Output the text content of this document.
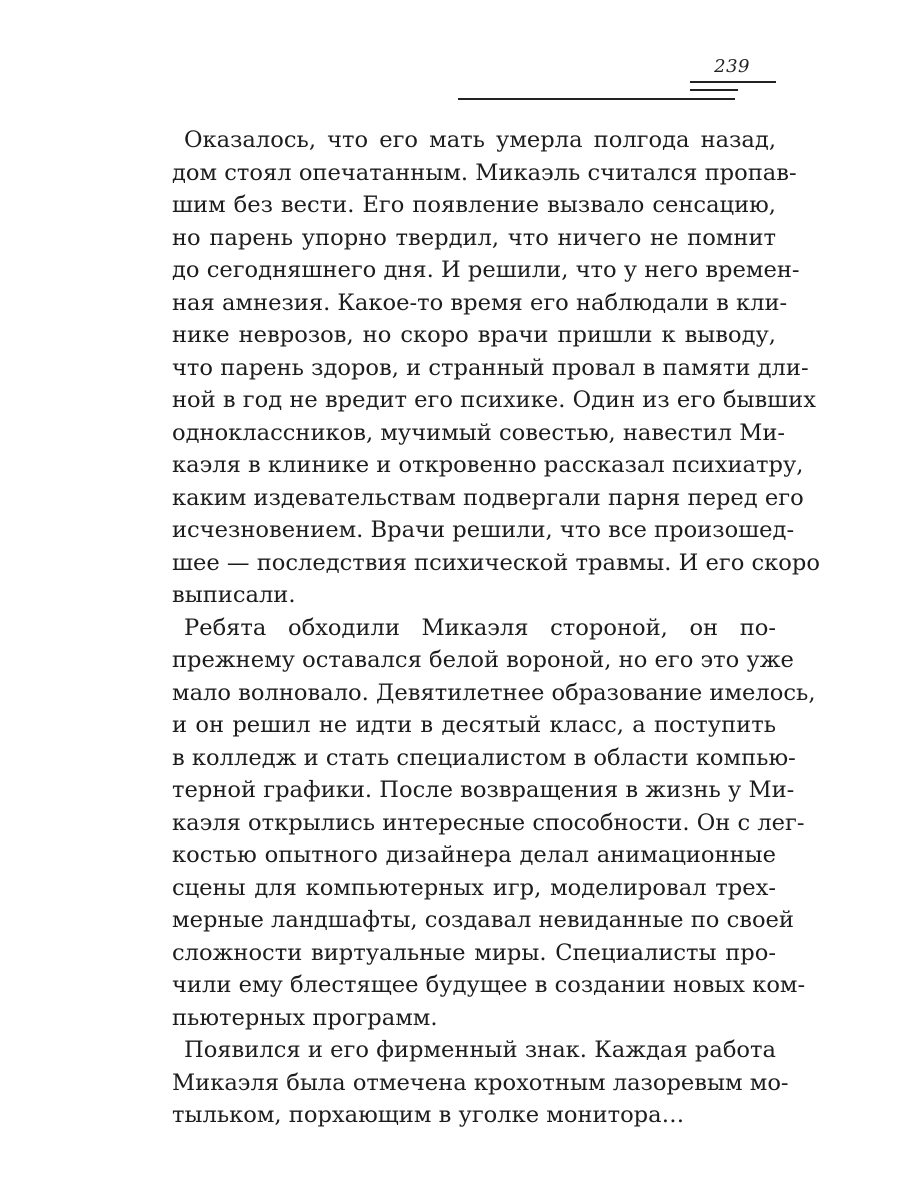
239
Оказалось, что его мать умерла полгода назад,
дом стоял опечатанным. Микаэль считался пропав-
шим без вести. Его появление вызвало сенсацию,
но парень упорно твердил, что ничего не помнит
до сегодняшнего дня. И решили, что у него времен-
ная амнезия. Какое-то время его наблюдали в кли-
нике неврозов, но скоро врачи пришли к выводу,
что парень здоров, и странный провал в памяти дли-
ной в год не вредит его психике. Один из его бывших
одноклассников, мучимый совестью, навестил Ми-
каэля в клинике и откровенно рассказал психиатру,
каким издевательствам подвергали парня перед его
исчезновением. Врачи решили, что все произошед-
шее — последствия психической травмы. И его скоро
выписали.
Ребята обходили Микаэля стороной, он по-
прежнему оставался белой вороной, но его это уже
мало волновало. Девятилетнее образование имелось,
и он решил не идти в десятый класс, а поступить
в колледж и стать специалистом в области компью-
терной графики. После возвращения в жизнь у Ми-
каэля открылись интересные способности. Он с лег-
костью опытного дизайнера делал анимационные
сцены для компьютерных игр, моделировал трех-
мерные ландшафты, создавал невиданные по своей
сложности виртуальные миры. Специалисты про-
чили ему блестящее будущее в создании новых ком-
пьютерных программ.
Появился и его фирменный знак. Каждая работа
Микаэля была отмечена крохотным лазоревым мо-
тыльком, порхающим в уголке монитора…
